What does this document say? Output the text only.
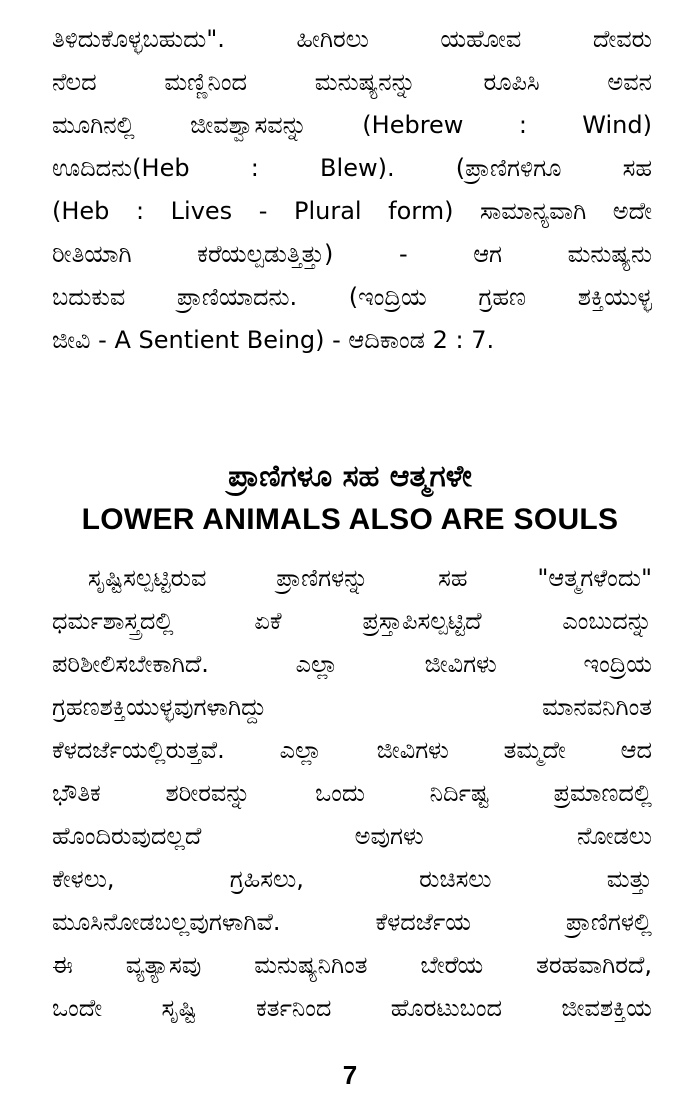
ತಿಳಿದುಕೊಳ್ಳಬಹುದು". ಹೀಗಿರಲು ಯಹೋವ ದೇವರು
ನೆಲದ ಮಣ್ಣಿನಿಂದ ಮನುಷ್ಯನನ್ನು ರೂಪಿಸಿ ಅವನ
ಮೂಗಿನಲ್ಲಿ ಜೀವಶ್ವಾಸವನ್ನು (Hebrew : Wind)
ಊದಿದನು(Heb : Blew). (ಪ್ರಾಣಿಗಳಿಗೂ ಸಹ
(Heb : Lives - Plural form) ಸಾಮಾನ್ಯವಾಗಿ ಅದೇ
ರೀತಿಯಾಗಿ ಕರೆಯಲ್ಪಡುತ್ತಿತ್ತು) - ಆಗ ಮನುಷ್ಯನು
ಬದುಕುವ ಪ್ರಾಣಿಯಾದನು. (ಇಂದ್ರಿಯ ಗ್ರಹಣ ಶಕ್ತಿಯುಳ್ಳ
ಜೀವಿ - A Sentient Being) - ಆದಿಕಾಂಡ 2 : 7.
ಪ್ರಾಣಿಗಳೂ ಸಹ ಆತ್ಮಗಳೇ
LOWER ANIMALS ALSO ARE SOULS
ಸೃಷ್ಟಿಸಲ್ಪಟ್ಟಿರುವ ಪ್ರಾಣಿಗಳನ್ನು ಸಹ "ಆತ್ಮಗಳೆಂದು"
ಧರ್ಮಶಾಸ್ತ್ರದಲ್ಲಿ ಏಕೆ ಪ್ರಸ್ತಾಪಿಸಲ್ಪಟ್ಟಿದೆ ಎಂಬುದನ್ನು
ಪರಿಶೀಲಿಸಬೇಕಾಗಿದೆ. ಎಲ್ಲಾ ಜೀವಿಗಳು ಇಂದ್ರಿಯ
ಗ್ರಹಣಶಕ್ತಿಯುಳ್ಳವುಗಳಾಗಿದ್ದು ಮಾನವನಿಗಿಂತ
ಕೆಳದರ್ಜೆಯಲ್ಲಿರುತ್ತವೆ. ಎಲ್ಲಾ ಜೀವಿಗಳು ತಮ್ಮದೇ ಆದ
ಭೌತಿಕ ಶರೀರವನ್ನು ಒಂದು ನಿರ್ದಿಷ್ಟ ಪ್ರಮಾಣದಲ್ಲಿ
ಹೊಂದಿರುವುದಲ್ಲದೆ ಅವುಗಳು ನೋಡಲು
ಕೇಳಲು, ಗ್ರಹಿಸಲು, ರುಚಿಸಲು ಮತ್ತು
ಮೂಸಿನೋಡಬಲ್ಲವುಗಳಾಗಿವೆ. ಕೆಳದರ್ಜೆಯ ಪ್ರಾಣಿಗಳಲ್ಲಿ
ಈ ವ್ಯತ್ಯಾಸವು ಮನುಷ್ಯನಿಗಿಂತ ಬೇರೆಯ ತರಹವಾಗಿರದೆ,
ಒಂದೇ ಸೃಷ್ಟಿ ಕರ್ತನಿಂದ ಹೊರಟುಬಂದ ಜೀವಶಕ್ತಿಯ
7
